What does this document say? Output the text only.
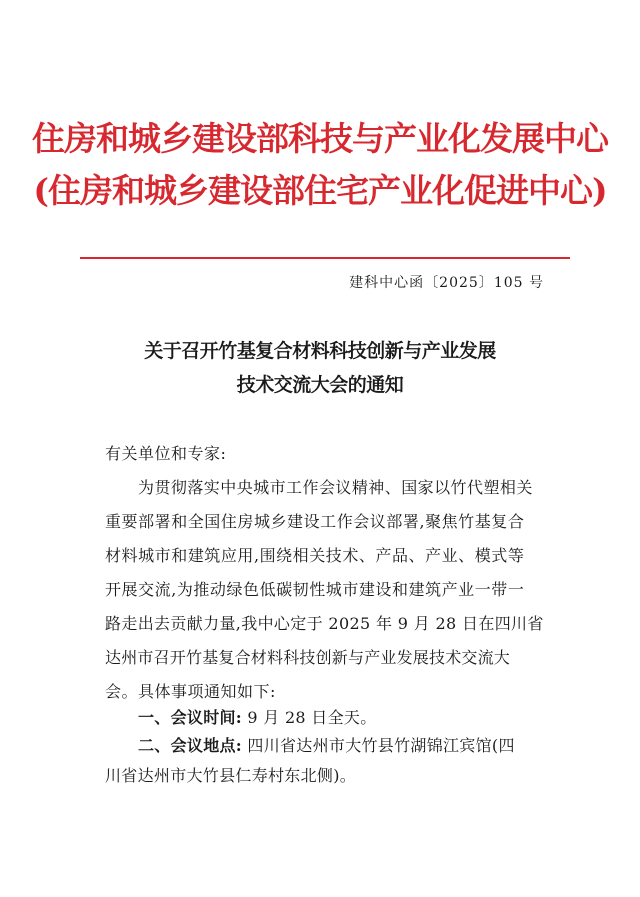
住房和城乡建设部科技与产业化发展中心
(住房和城乡建设部住宅产业化促进中心)
建科中心函〔2025〕105 号
关于召开竹基复合材料科技创新与产业发展
技术交流大会的通知
有关单位和专家:
为贯彻落实中央城市工作会议精神、国家以竹代塑相关
重要部署和全国住房城乡建设工作会议部署,聚焦竹基复合
材料城市和建筑应用,围绕相关技术、产品、产业、模式等
开展交流,为推动绿色低碳韧性城市建设和建筑产业一带一
路走出去贡献力量,我中心定于 2025 年 9 月 28 日在四川省
达州市召开竹基复合材料科技创新与产业发展技术交流大
会。具体事项通知如下:
一、会议时间: 9 月 28 日全天。
二、会议地点: 四川省达州市大竹县竹湖锦江宾馆(四
川省达州市大竹县仁寿村东北侧)。
